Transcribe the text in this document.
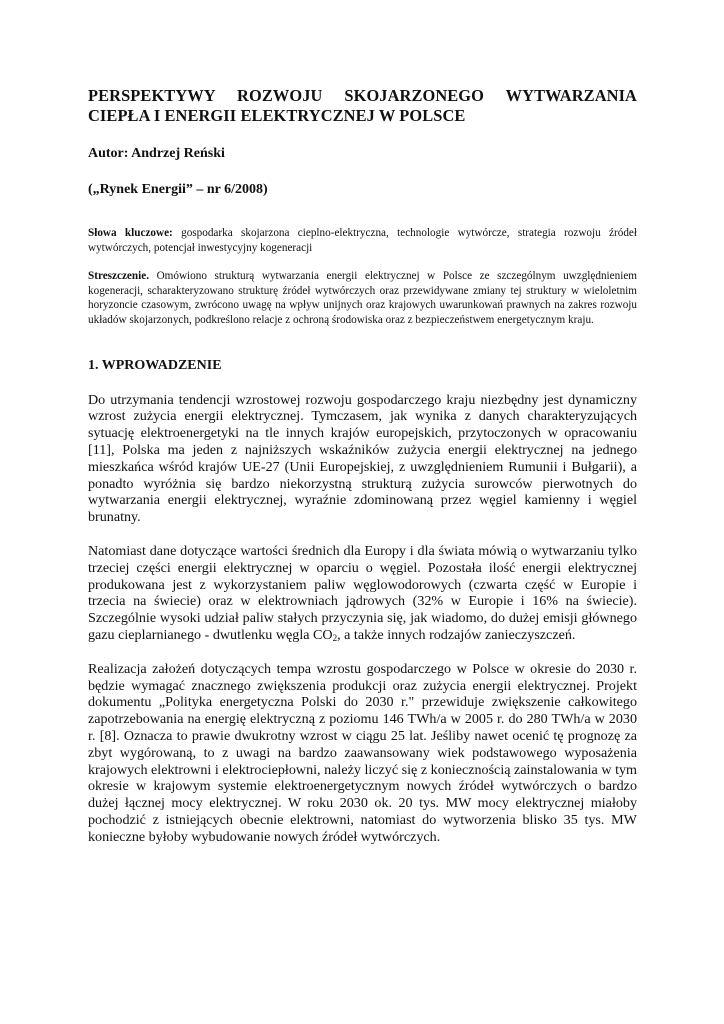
PERSPEKTYWY ROZWOJU SKOJARZONEGO WYTWARZANIA
CIEPŁA I ENERGII ELEKTRYCZNEJ W POLSCE
Autor: Andrzej Reński
(„Rynek Energii” – nr 6/2008)
Słowa kluczowe: gospodarka skojarzona cieplno-elektryczna, technologie wytwórcze, strategia rozwoju źródeł wytwórczych, potencjał inwestycyjny kogeneracji
Streszczenie. Omówiono strukturą wytwarzania energii elektrycznej w Polsce ze szczególnym uwzględnieniem kogeneracji, scharakteryzowano strukturę źródeł wytwórczych oraz przewidywane zmiany tej struktury w wieloletnim horyzoncie czasowym, zwrócono uwagę na wpływ unijnych oraz krajowych uwarunkowań prawnych na zakres rozwoju układów skojarzonych, podkreślono relacje z ochroną środowiska oraz z bezpieczeństwem energetycznym kraju.
1. WPROWADZENIE

Do utrzymania tendencji wzrostowej rozwoju gospodarczego kraju niezbędny jest dynamiczny wzrost zużycia energii elektrycznej. Tymczasem, jak wynika z danych charakteryzujących sytuację elektroenergetyki na tle innych krajów europejskich, przytoczonych w opracowaniu [11], Polska ma jeden z najniższych wskaźników zużycia energii elektrycznej na jednego mieszkańca wśród krajów UE-27 (Unii Europejskiej, z uwzględnieniem Rumunii i Bułgarii), a ponadto wyróżnia się bardzo niekorzystną strukturą zużycia surowców pierwotnych do wytwarzania energii elektrycznej, wyraźnie zdominowaną przez węgiel kamienny i węgiel brunatny.

Natomiast dane dotyczące wartości średnich dla Europy i dla świata mówią o wytwarzaniu tylko trzeciej części energii elektrycznej w oparciu o węgiel. Pozostała ilość energii elektrycznej produkowana jest z wykorzystaniem paliw węglowodorowych (czwarta część w Europie i trzecia na świecie) oraz w elektrowniach jądrowych (32% w Europie i 16% na świecie). Szczególnie wysoki udział paliw stałych przyczynia się, jak wiadomo, do dużej emisji głównego gazu cieplarnianego - dwutlenku węgla $CO_2$, a także innych rodzajów zanieczyszczeń.

Realizacja założeń dotyczących tempa wzrostu gospodarczego w Polsce w okresie do 2030 r. będzie wymagać znacznego zwiększenia produkcji oraz zużycia energii elektrycznej. Projekt dokumentu „Polityka energetyczna Polski do 2030 r." przewiduje zwiększenie całkowitego zapotrzebowania na energię elektryczną z poziomu 146 TWh/a w 2005 r. do 280 TWh/a w 2030 r. [8]. Oznacza to prawie dwukrotny wzrost w ciągu 25 lat. Jeśliby nawet ocenić tę prognozę za zbyt wygórowaną, to z uwagi na bardzo zaawansowany wiek podstawowego wyposażenia krajowych elektrowni i elektrociepłowni, należy liczyć się z koniecznością zainstalowania w tym okresie w krajowym systemie elektroenergetycznym nowych źródeł wytwórczych o bardzo dużej łącznej mocy elektrycznej. W roku 2030 ok. 20 tys. MW mocy elektrycznej miałoby pochodzić z istniejących obecnie elektrowni, natomiast do wytworzenia blisko 35 tys. MW konieczne byłoby wybudowanie nowych źródeł wytwórczych.
